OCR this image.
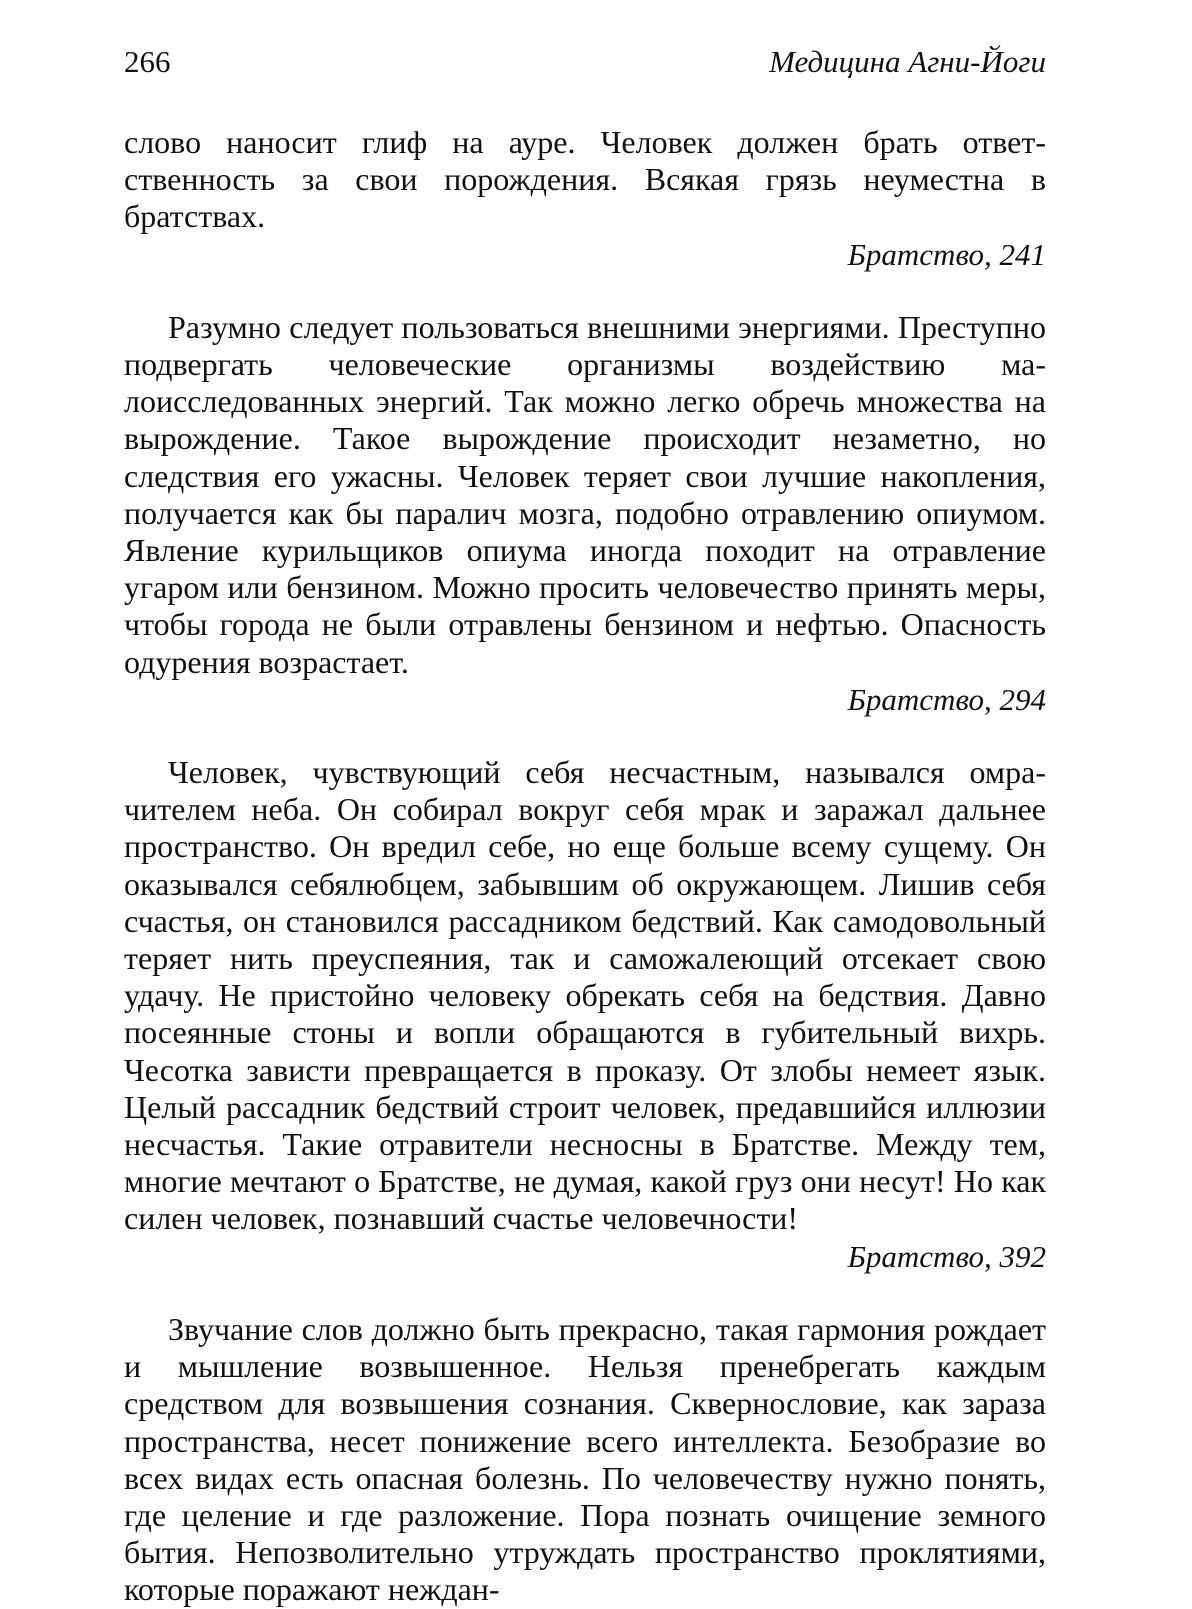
266	Медицина Агни-Йоги

слово наносит глиф на ауре. Человек должен брать ответственность за свои порождения. Всякая грязь неуместна в братствах.

Братство, 241

Разумно следует пользоваться внешними энергиями. Преступно подвергать человеческие организмы воздействию малоисследованных энергий. Так можно легко обречь множества на вырождение. Такое вырождение происходит незаметно, но следствия его ужасны. Человек теряет свои лучшие накопления, получается как бы паралич мозга, подобно отравлению опиумом. Явление курильщиков опиума иногда походит на отравление угаром или бензином. Можно просить человечество принять меры, чтобы города не были отравлены бензином и нефтью. Опасность одурения возрастает.

Братство, 294

Человек, чувствующий себя несчастным, назывался омрачителем неба. Он собирал вокруг себя мрак и заражал дальнее пространство. Он вредил себе, но еще больше всему сущему. Он оказывался себялюбцем, забывшим об окружающем. Лишив себя счастья, он становился рассадником бедствий. Как самодовольный теряет нить преуспеяния, так и саможалеющий отсекает свою удачу. Не пристойно человеку обрекать себя на бедствия. Давно посеянные стоны и вопли обращаются в губительный вихрь. Чесотка зависти превращается в проказу. От злобы немеет язык. Целый рассадник бедствий строит человек, предавшийся иллюзии несчастья. Такие отравители несносны в Братстве. Между тем, многие мечтают о Братстве, не думая, какой груз они несут! Но как силен человек, познавший счастье человечности!

Братство, 392

Звучание слов должно быть прекрасно, такая гармония рождает и мышление возвышенное. Нельзя пренебрегать каждым средством для возвышения сознания. Сквернословие, как зараза пространства, несет понижение всего интеллекта. Безобразие во всех видах есть опасная болезнь. По человечеству нужно понять, где целение и где разложение. Пора познать очищение земного бытия. Непозволительно утруждать пространство проклятиями, которые поражают неждан-
